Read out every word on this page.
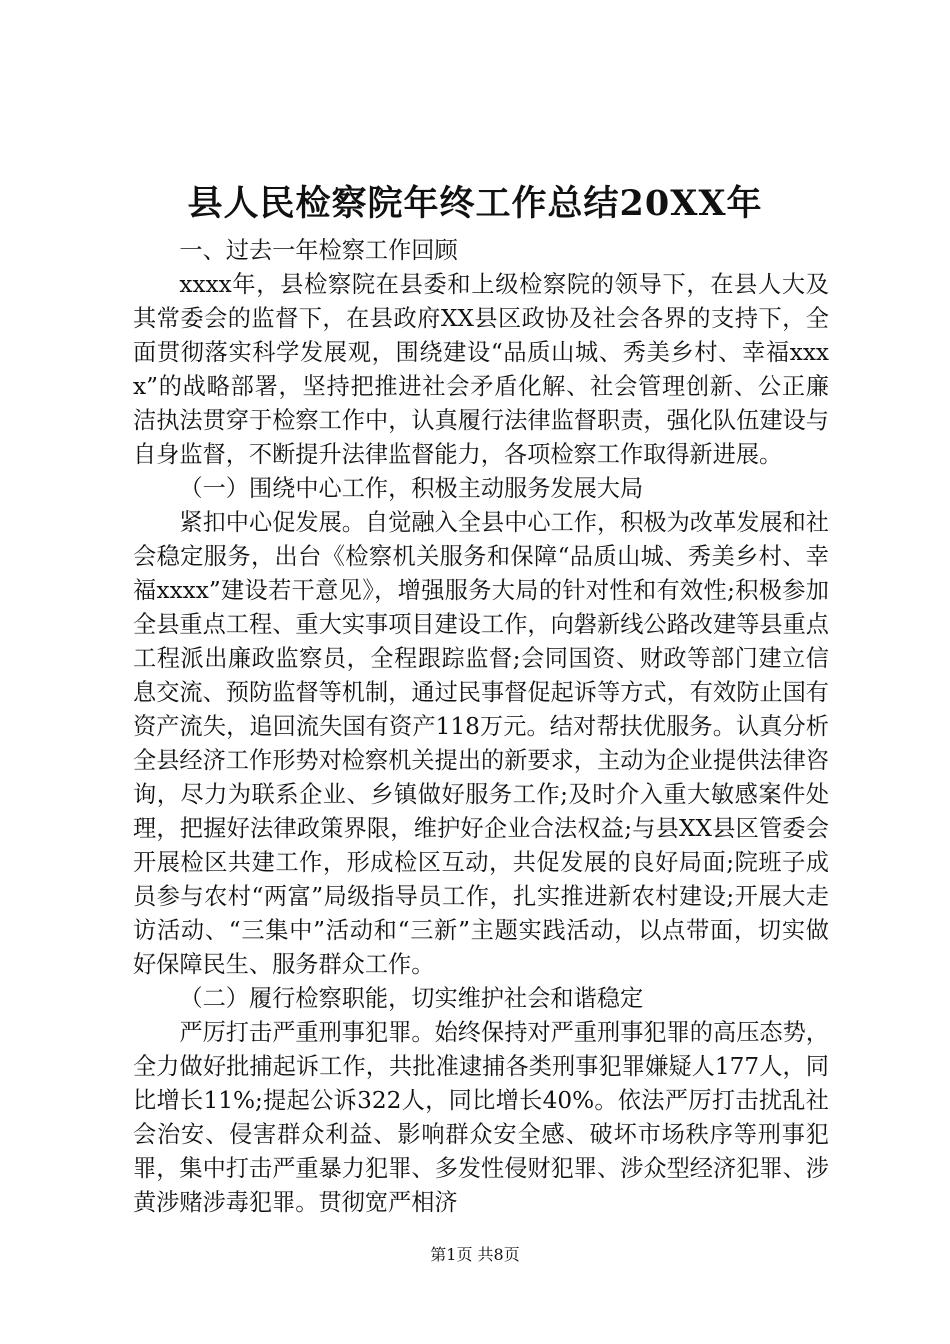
县人民检察院年终工作总结20XX年

一、过去一年检察工作回顾

xxxx年，县检察院在县委和上级检察院的领导下，在县人大及其常委会的监督下，在县政府XX县区政协及社会各界的支持下，全面贯彻落实科学发展观，围绕建设“品质山城、秀美乡村、幸福xxxx”的战略部署，坚持把推进社会矛盾化解、社会管理创新、公正廉洁执法贯穿于检察工作中，认真履行法律监督职责，强化队伍建设与自身监督，不断提升法律监督能力，各项检察工作取得新进展。

（一）围绕中心工作，积极主动服务发展大局

紧扣中心促发展。自觉融入全县中心工作，积极为改革发展和社会稳定服务，出台《检察机关服务和保障“品质山城、秀美乡村、幸福xxxx”建设若干意见》，增强服务大局的针对性和有效性;积极参加全县重点工程、重大实事项目建设工作，向磐新线公路改建等县重点工程派出廉政监察员，全程跟踪监督;会同国资、财政等部门建立信息交流、预防监督等机制，通过民事督促起诉等方式，有效防止国有资产流失，追回流失国有资产118万元。结对帮扶优服务。认真分析全县经济工作形势对检察机关提出的新要求，主动为企业提供法律咨询，尽力为联系企业、乡镇做好服务工作;及时介入重大敏感案件处理，把握好法律政策界限，维护好企业合法权益;与县XX县区管委会开展检区共建工作，形成检区互动，共促发展的良好局面;院班子成员参与农村“两富”局级指导员工作，扎实推进新农村建设;开展大走访活动、“三集中”活动和“三新”主题实践活动，以点带面，切实做好保障民生、服务群众工作。

（二）履行检察职能，切实维护社会和谐稳定

严厉打击严重刑事犯罪。始终保持对严重刑事犯罪的高压态势，全力做好批捕起诉工作，共批准逮捕各类刑事犯罪嫌疑人177人，同比增长11%;提起公诉322人，同比增长40%。依法严厉打击扰乱社会治安、侵害群众利益、影响群众安全感、破坏市场秩序等刑事犯罪，集中打击严重暴力犯罪、多发性侵财犯罪、涉众型经济犯罪、涉黄涉赌涉毒犯罪。贯彻宽严相济

第1页 共8页
